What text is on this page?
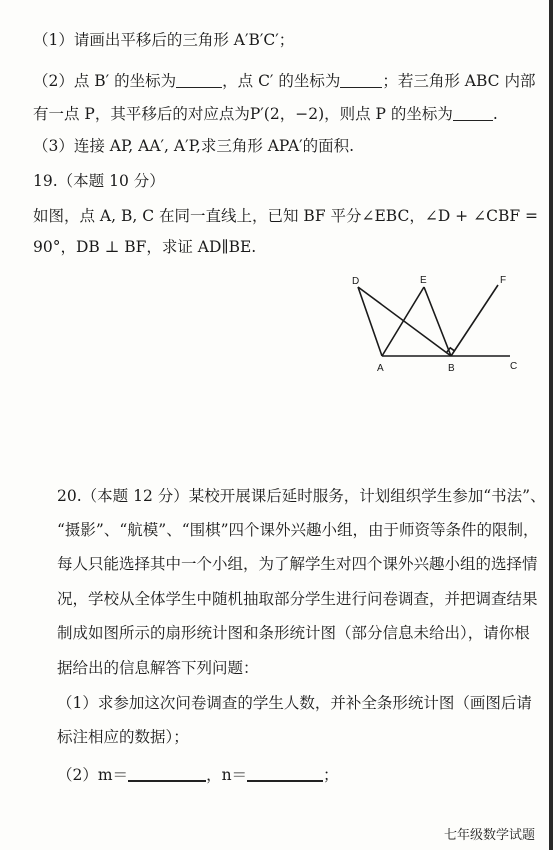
（1）请画出平移后的三角形 A′B′C′；
（2）点 B′ 的坐标为	，点 C′ 的坐标为	；若三角形 ABC 内部
有一点 P，其平移后的对应点为P′(2，−2)，则点 P 的坐标为	.
（3）连接 AP, AA′, A′P,求三角形 APA′的面积.
19.（本题 10 分）
如图，点 A, B, C 在同一直线上，已知 BF 平分∠EBC，∠D + ∠CBF =
90°，DB ⊥ BF，求证 AD∥BE.
D	E	F
A	B	C
20.（本题 12 分）某校开展课后延时服务，计划组织学生参加“书法”、
“摄影”、“航模”、“围棋”四个课外兴趣小组，由于师资等条件的限制，
每人只能选择其中一个小组，为了解学生对四个课外兴趣小组的选择情
况，学校从全体学生中随机抽取部分学生进行问卷调查，并把调查结果
制成如图所示的扇形统计图和条形统计图（部分信息未给出），请你根
据给出的信息解答下列问题：
（1）求参加这次问卷调查的学生人数，并补全条形统计图（画图后请
标注相应的数据）；
（2）m＝	，n＝	；
七年级数学试题
